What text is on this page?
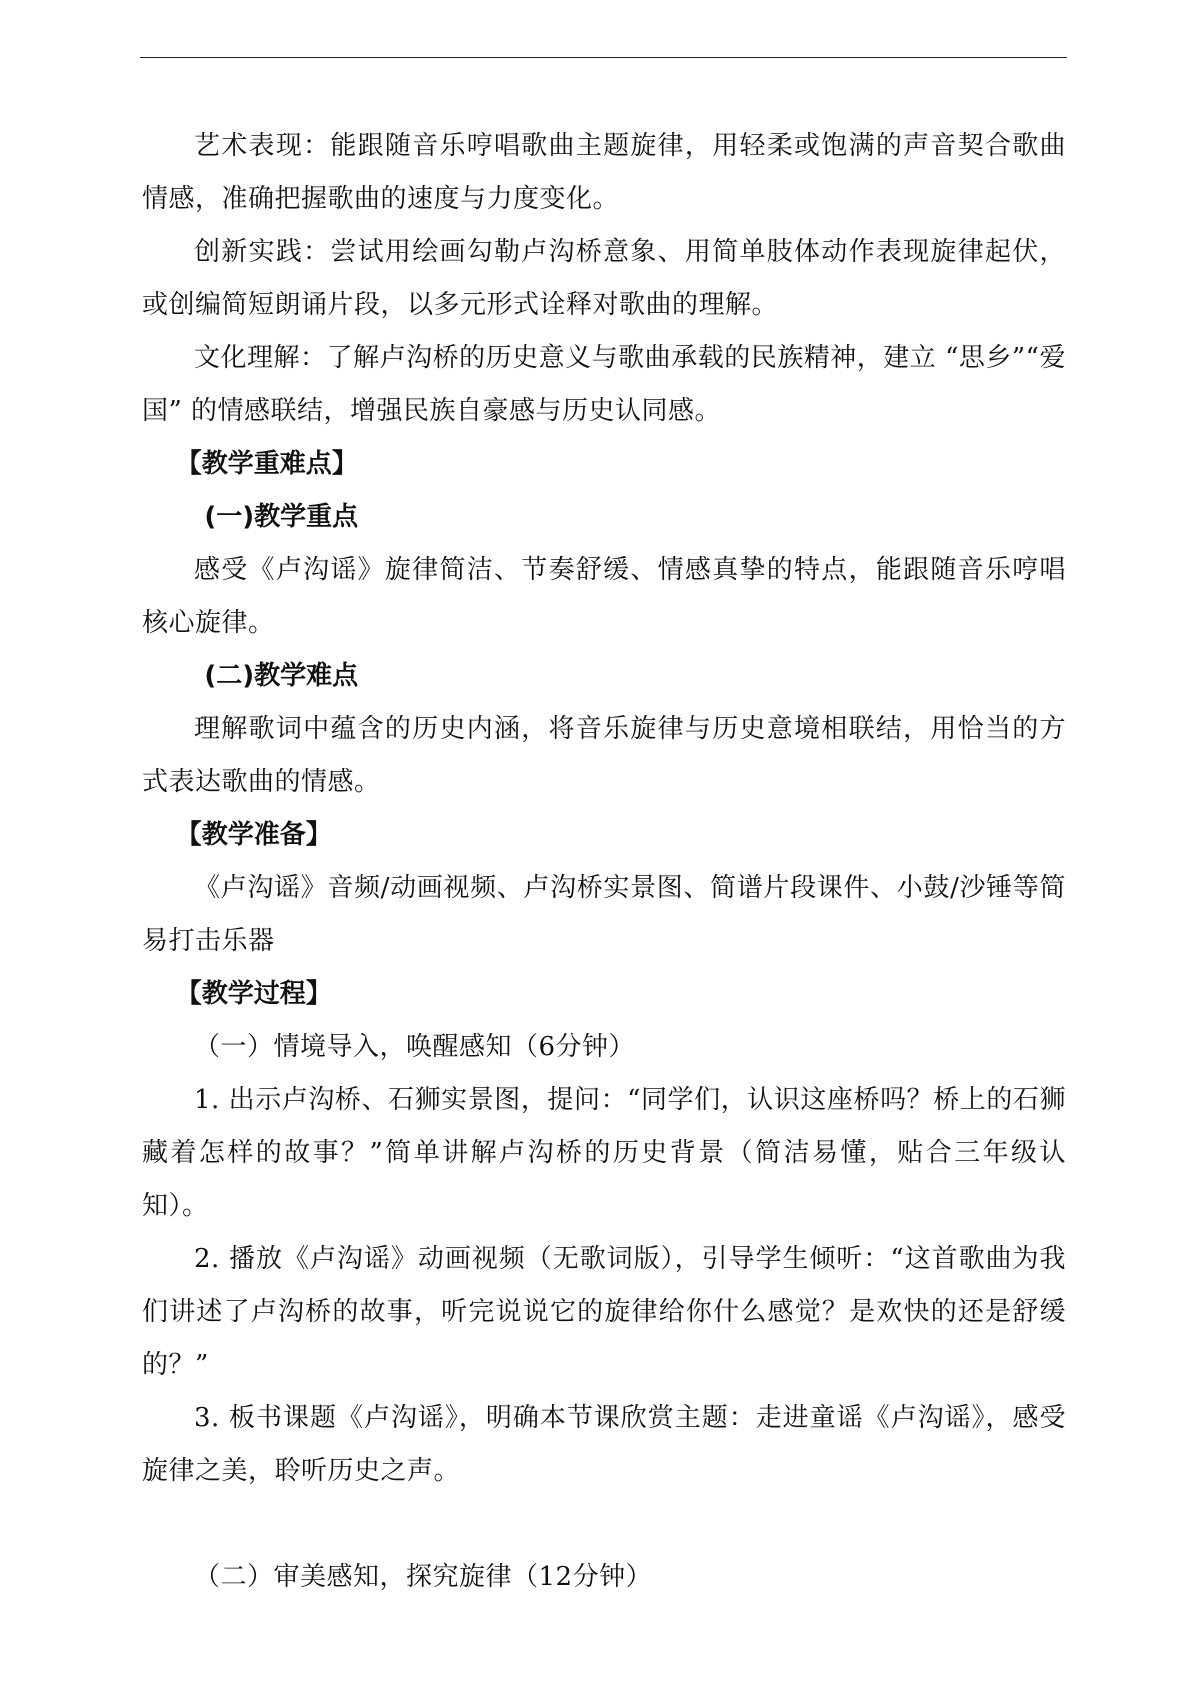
艺术表现：能跟随音乐哼唱歌曲主题旋律，用轻柔或饱满的声音契合歌曲情感，准确把握歌曲的速度与力度变化。

创新实践：尝试用绘画勾勒卢沟桥意象、用简单肢体动作表现旋律起伏，或创编简短朗诵片段，以多元形式诠释对歌曲的理解。

文化理解：了解卢沟桥的历史意义与歌曲承载的民族精神，建立 “思乡”“爱国” 的情感联结，增强民族自豪感与历史认同感。

【教学重难点】

(一)教学重点

感受《卢沟谣》旋律简洁、节奏舒缓、情感真挚的特点，能跟随音乐哼唱核心旋律。

(二)教学难点

理解歌词中蕴含的历史内涵，将音乐旋律与历史意境相联结，用恰当的方式表达歌曲的情感。

【教学准备】

《卢沟谣》音频/动画视频、卢沟桥实景图、简谱片段课件、小鼓/沙锤等简易打击乐器

【教学过程】

（一）情境导入，唤醒感知（6分钟）

1. 出示卢沟桥、石狮实景图，提问：“同学们，认识这座桥吗？桥上的石狮藏着怎样的故事？”简单讲解卢沟桥的历史背景（简洁易懂，贴合三年级认知）。

2. 播放《卢沟谣》动画视频（无歌词版），引导学生倾听：“这首歌曲为我们讲述了卢沟桥的故事，听完说说它的旋律给你什么感觉？是欢快的还是舒缓的？”

3. 板书课题《卢沟谣》，明确本节课欣赏主题：走进童谣《卢沟谣》，感受旋律之美，聆听历史之声。

（二）审美感知，探究旋律（12分钟）
